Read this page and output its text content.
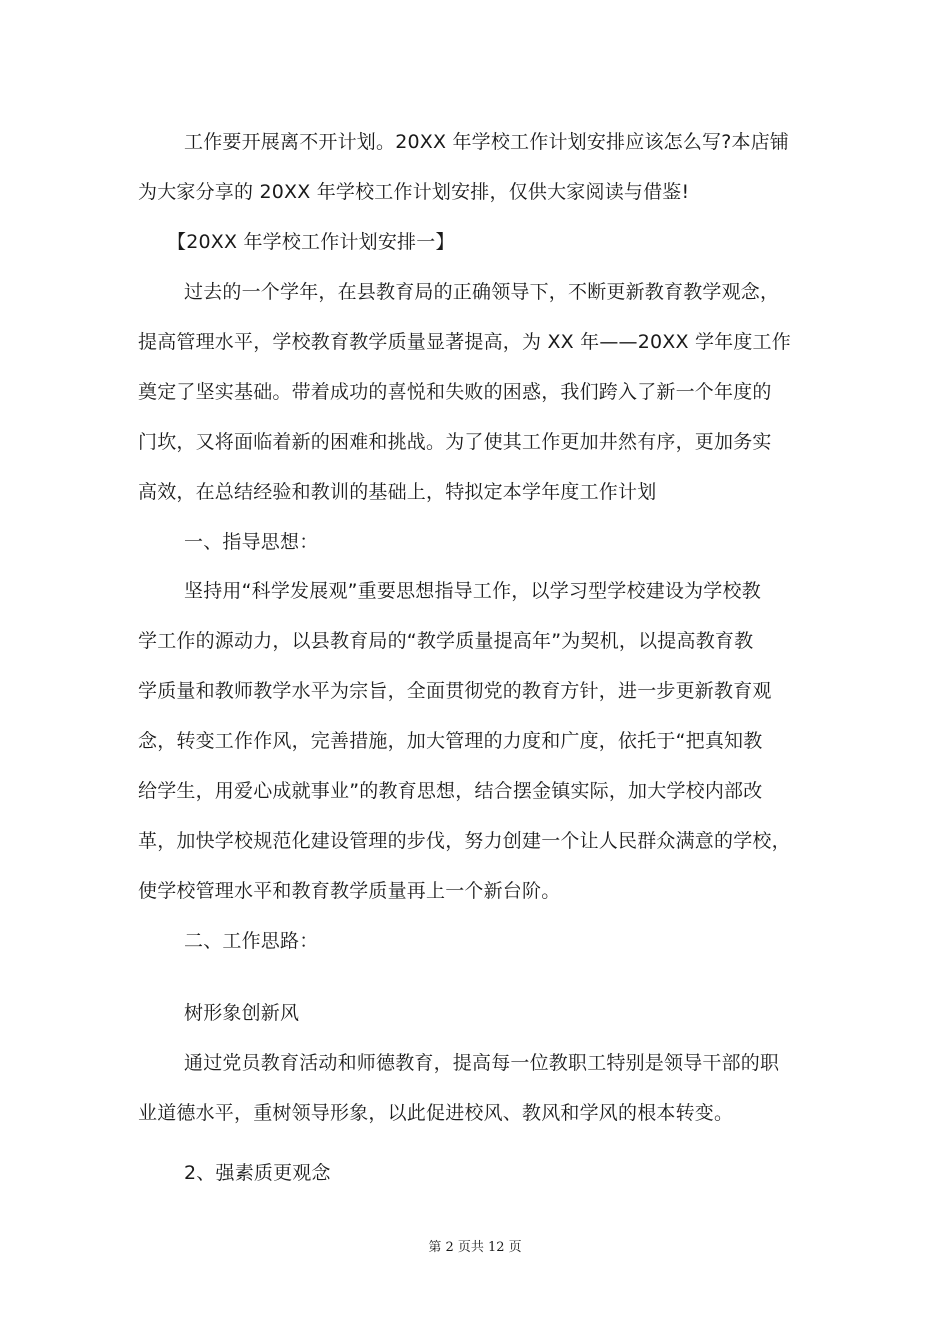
工作要开展离不开计划。20XX 年学校工作计划安排应该怎么写?本店铺
为大家分享的 20XX 年学校工作计划安排，仅供大家阅读与借鉴!
【20XX 年学校工作计划安排一】
过去的一个学年，在县教育局的正确领导下，不断更新教育教学观念，
提高管理水平，学校教育教学质量显著提高，为 XX 年——20XX 学年度工作
奠定了坚实基础。带着成功的喜悦和失败的困惑，我们跨入了新一个年度的
门坎，又将面临着新的困难和挑战。为了使其工作更加井然有序，更加务实
高效，在总结经验和教训的基础上，特拟定本学年度工作计划
一、指导思想：
坚持用“科学发展观”重要思想指导工作，以学习型学校建设为学校教
学工作的源动力，以县教育局的“教学质量提高年”为契机，以提高教育教
学质量和教师教学水平为宗旨，全面贯彻党的教育方针，进一步更新教育观
念，转变工作作风，完善措施，加大管理的力度和广度，依托于“把真知教
给学生，用爱心成就事业”的教育思想，结合摆金镇实际，加大学校内部改
革，加快学校规范化建设管理的步伐，努力创建一个让人民群众满意的学校，
使学校管理水平和教育教学质量再上一个新台阶。
二、工作思路：
树形象创新风
通过党员教育活动和师德教育，提高每一位教职工特别是领导干部的职
业道德水平，重树领导形象，以此促进校风、教风和学风的根本转变。
2、强素质更观念
第 2 页共 12 页
